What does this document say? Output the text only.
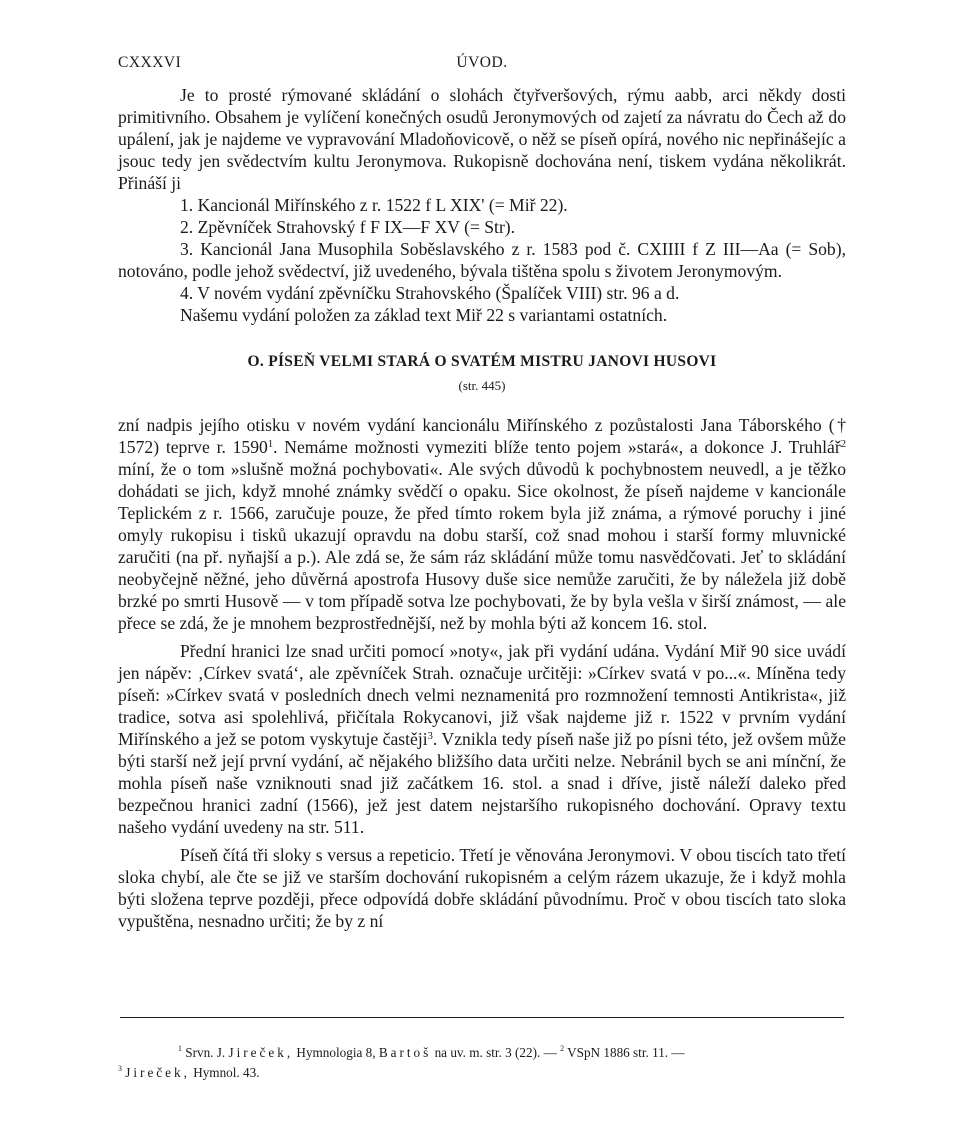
CXXXVI	ÚVOD.

Je to prosté rýmované skládání o slohách čtyřveršových, rýmu aabb, arci někdy dosti primitivního. Obsahem je vylíčení konečných osudů Jeronymových od zajetí za návratu do Čech až do upálení, jak je najdeme ve vypravování Mladoňovicově, o něž se píseň opírá, nového nic nepřinášejíc a jsouc tedy jen svědectvím kultu Jeronymova. Rukopisně dochována není, tiskem vydána několikrát. Přináší ji

1. Kancionál Miřínského z r. 1522 f L XIX' (= Miř 22).

2. Zpěvníček Strahovský f F IX—F XV (= Str).

3. Kancionál Jana Musophila Soběslavského z r. 1583 pod č. CXIIII f Z III—Aa (= Sob), notováno, podle jehož svědectví, již uvedeného, bývala tištěna spolu s životem Jeronymovým.

4. V novém vydání zpěvníčku Strahovského (Špalíček VIII) str. 96 a d.

Našemu vydání položen za základ text Miř 22 s variantami ostatních.

O. PÍSEŇ VELMI STARÁ O SVATÉM MISTRU JANOVI HUSOVI
(str. 445)

zní nadpis jejího otisku v novém vydání kancionálu Miřínského z pozůstalosti Jana Táborského († 1572) teprve r. 1590$^1$. Nemáme možnosti vymeziti blíže tento pojem »stará«, a dokonce J. Truhlář$^2$ míní, že o tom »slušně možná pochybovati«. Ale svých důvodů k pochybnostem neuvedl, a je těžko dohádati se jich, když mnohé známky svědčí o opaku. Sice okolnost, že píseň najdeme v kancionále Teplickém z r. 1566, zaručuje pouze, že před tímto rokem byla již známa, a rýmové poruchy i jiné omyly rukopisu i tisků ukazují opravdu na dobu starší, což snad mohou i starší formy mluvnické zaručiti (na př. nyňajší a p.). Ale zdá se, že sám ráz skládání může tomu nasvědčovati. Jeť to skládání neobyčejně něžné, jeho důvěrná apostrofa Husovy duše sice nemůže zaručiti, že by náležela již době brzké po smrti Husově — v tom případě sotva lze pochybovati, že by byla vešla v širší známost, — ale přece se zdá, že je mnohem bezprostřednější, než by mohla býti až koncem 16. stol.

Přední hranici lze snad určiti pomocí »noty«, jak při vydání udána. Vydání Miř 90 sice uvádí jen nápěv: ‚Církev svatá‘, ale zpěvníček Strah. označuje určitěji: »Církev svatá v po...«. Míněna tedy píseň: »Církev svatá v posledních dnech velmi neznamenitá pro rozmnožení temnosti Antikrista«, již tradice, sotva asi spolehlivá, přičítala Rokycanovi, již však najdeme již r. 1522 v prvním vydání Miřínského a jež se potom vyskytuje častěji$^3$. Vznikla tedy píseň naše již po písni této, jež ovšem může býti starší než její první vydání, ač nějakého bližšího data určiti nelze. Nebránil bych se ani mínční, že mohla píseň naše vzniknouti snad již začátkem 16. stol. a snad i dříve, jistě náleží daleko před bezpečnou hranici zadní (1566), jež jest datem nejstaršího rukopisného dochování. Opravy textu našeho vydání uvedeny na str. 511.

Píseň čítá tři sloky s versus a repeticio. Třetí je věnována Jeronymovi. V obou tiscích tato třetí sloka chybí, ale čte se již ve starším dochování rukopisném a celým rázem ukazuje, že i když mohla býti složena teprve později, přece odpovídá dobře skládání původnímu. Proč v obou tiscích tato sloka vypuštěna, nesnadno určiti; že by z ní

$^1$ Srvn. J. Jireček, Hymnologia 8, Bartoš na uv. m. str. 3 (22). — $^2$ VSpN 1886 str. 11. —
$^3$ Jireček, Hymnol. 43.
